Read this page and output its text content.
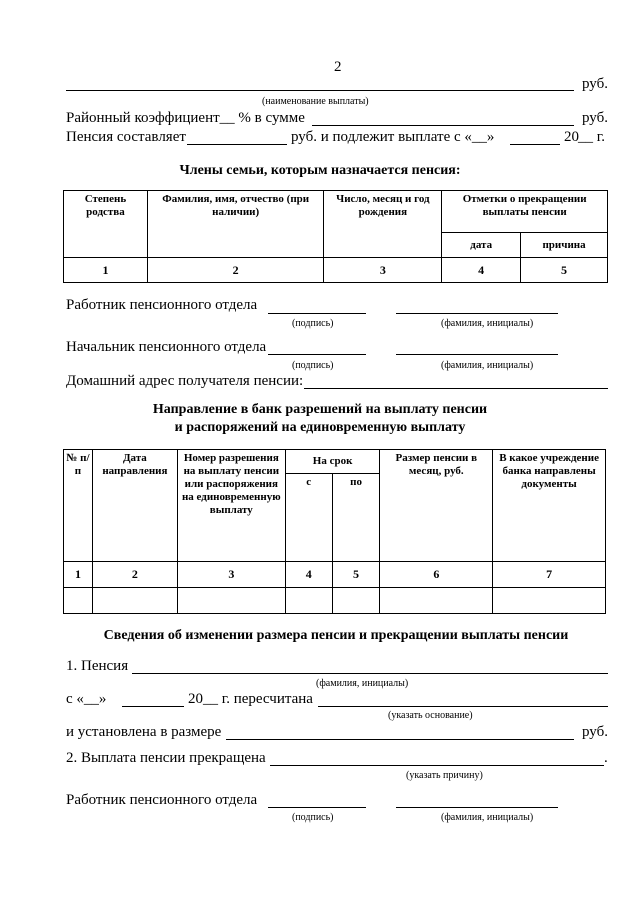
2
руб.
(наименование выплаты)
Районный коэффициент__ % в сумме	руб.
Пенсия составляет	руб. и подлежит выплате с «__»	20 __ г.
Члены семьи, которым назначается пенсия:
Степень родства	Фамилия, имя, отчество (при наличии)	Число, месяц и год рождения	Отметки о прекращении выплаты пенсии	
			дата	причина
1	2	3	4	5
Работник пенсионного отдела
(подпись)	(фамилия, инициалы)
Начальник пенсионного отдела
(подпись)	(фамилия, инициалы)
Домашний адрес получателя пенсии:
Направление в банк разрешений на выплату пенсии
и распоряжений на единовременную выплату
№ п/п	Дата направления	Номер разрешения на выплату пенсии или распоряжения на единовременную выплату	На срок		Размер пенсии в месяц, руб.	В какое учреждение банка направлены документы
			с	по		
1	2	3	4	5	6	7

Сведения об изменении размера пенсии и прекращении выплаты пенсии
1. Пенсия
(фамилия, инициалы)
с «__»	20__ г. пересчитана
(указать основание)
и установлена в размере	руб.
2. Выплата пенсии прекращена	.
(указать причину)
Работник пенсионного отдела
(подпись)	(фамилия, инициалы)
